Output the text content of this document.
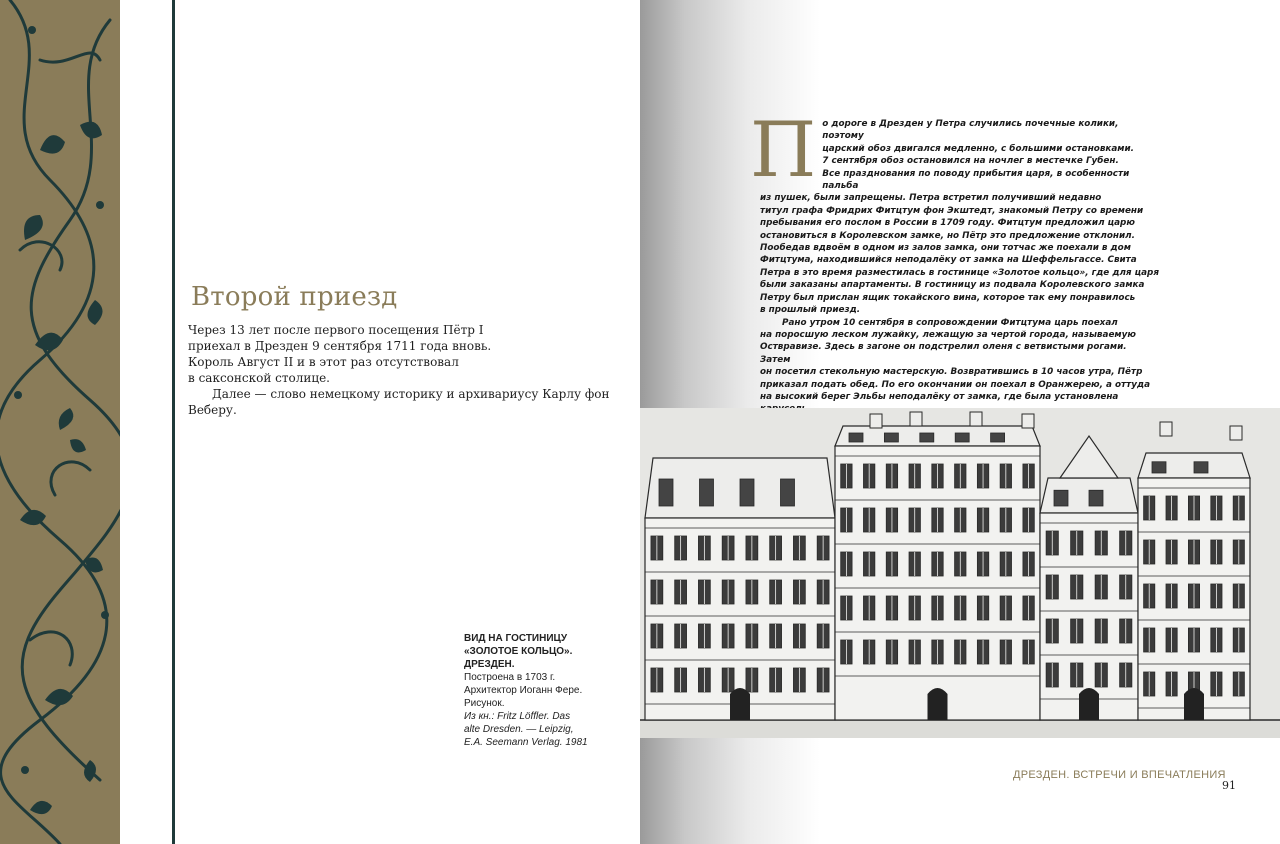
Второй приезд

Через 13 лет после первого посещения Пётр I

приехал в Дрезден 9 сентября 1711 года вновь.

Король Август II и в этот раз отсутствовал

в саксонской столице.

Далее — слово немецкому историку и архивариусу Карлу фон Веберу.

ВИД НА ГОСТИНИЦУ
«ЗОЛОТОЕ КОЛЬЦО».
ДРЕЗДЕН.
Построена в 1703 г.
Архитектор Иоганн Фере.
Рисунок.
Из кн.: Fritz Löffler. Das
alte Dresden. — Leipzig,
E.A. Seemann Verlag. 1981
П о дороге в Дрезден у Петра случились почечные колики, поэтому

царский обоз двигался медленно, с большими остановками.

7 сентября обоз остановился на ночлег в местечке Губен.

Все празднования по поводу прибытия царя, в особенности пальба

из пушек, были запрещены. Петра встретил получивший недавно

титул графа Фридрих Фитцтум фон Экштедт, знакомый Петру со времени

пребывания его послом в России в 1709 году. Фитцтум предложил царю

остановиться в Королевском замке, но Пётр это предложение отклонил.

Пообедав вдвоём в одном из залов замка, они тотчас же поехали в дом

Фитцтума, находившийся неподалёку от замка на Шеффельгассе. Свита

Петра в это время разместилась в гостинице «Золотое кольцо», где для царя

были заказаны апартаменты. В гостиницу из подвала Королевского замка

Петру был прислан ящик токайского вина, которое так ему понравилось

в прошлый приезд.

Рано утром 10 сентября в сопровождении Фитцтума царь поехал

на поросшую леском лужайку, лежащую за чертой города, называемую

Оствравизе. Здесь в загоне он подстрелил оленя с ветвистыми рогами. Затем

он посетил стекольную мастерскую. Возвратившись в 10 часов утра, Пётр

приказал подать обед. По его окончании он поехал в Оранжерею, а оттуда

на высокий берег Эльбы неподалёку от замка, где была установлена

ДРЕЗДЕН. ВСТРЕЧИ И ВПЕЧАТЛЕНИЯ
91
